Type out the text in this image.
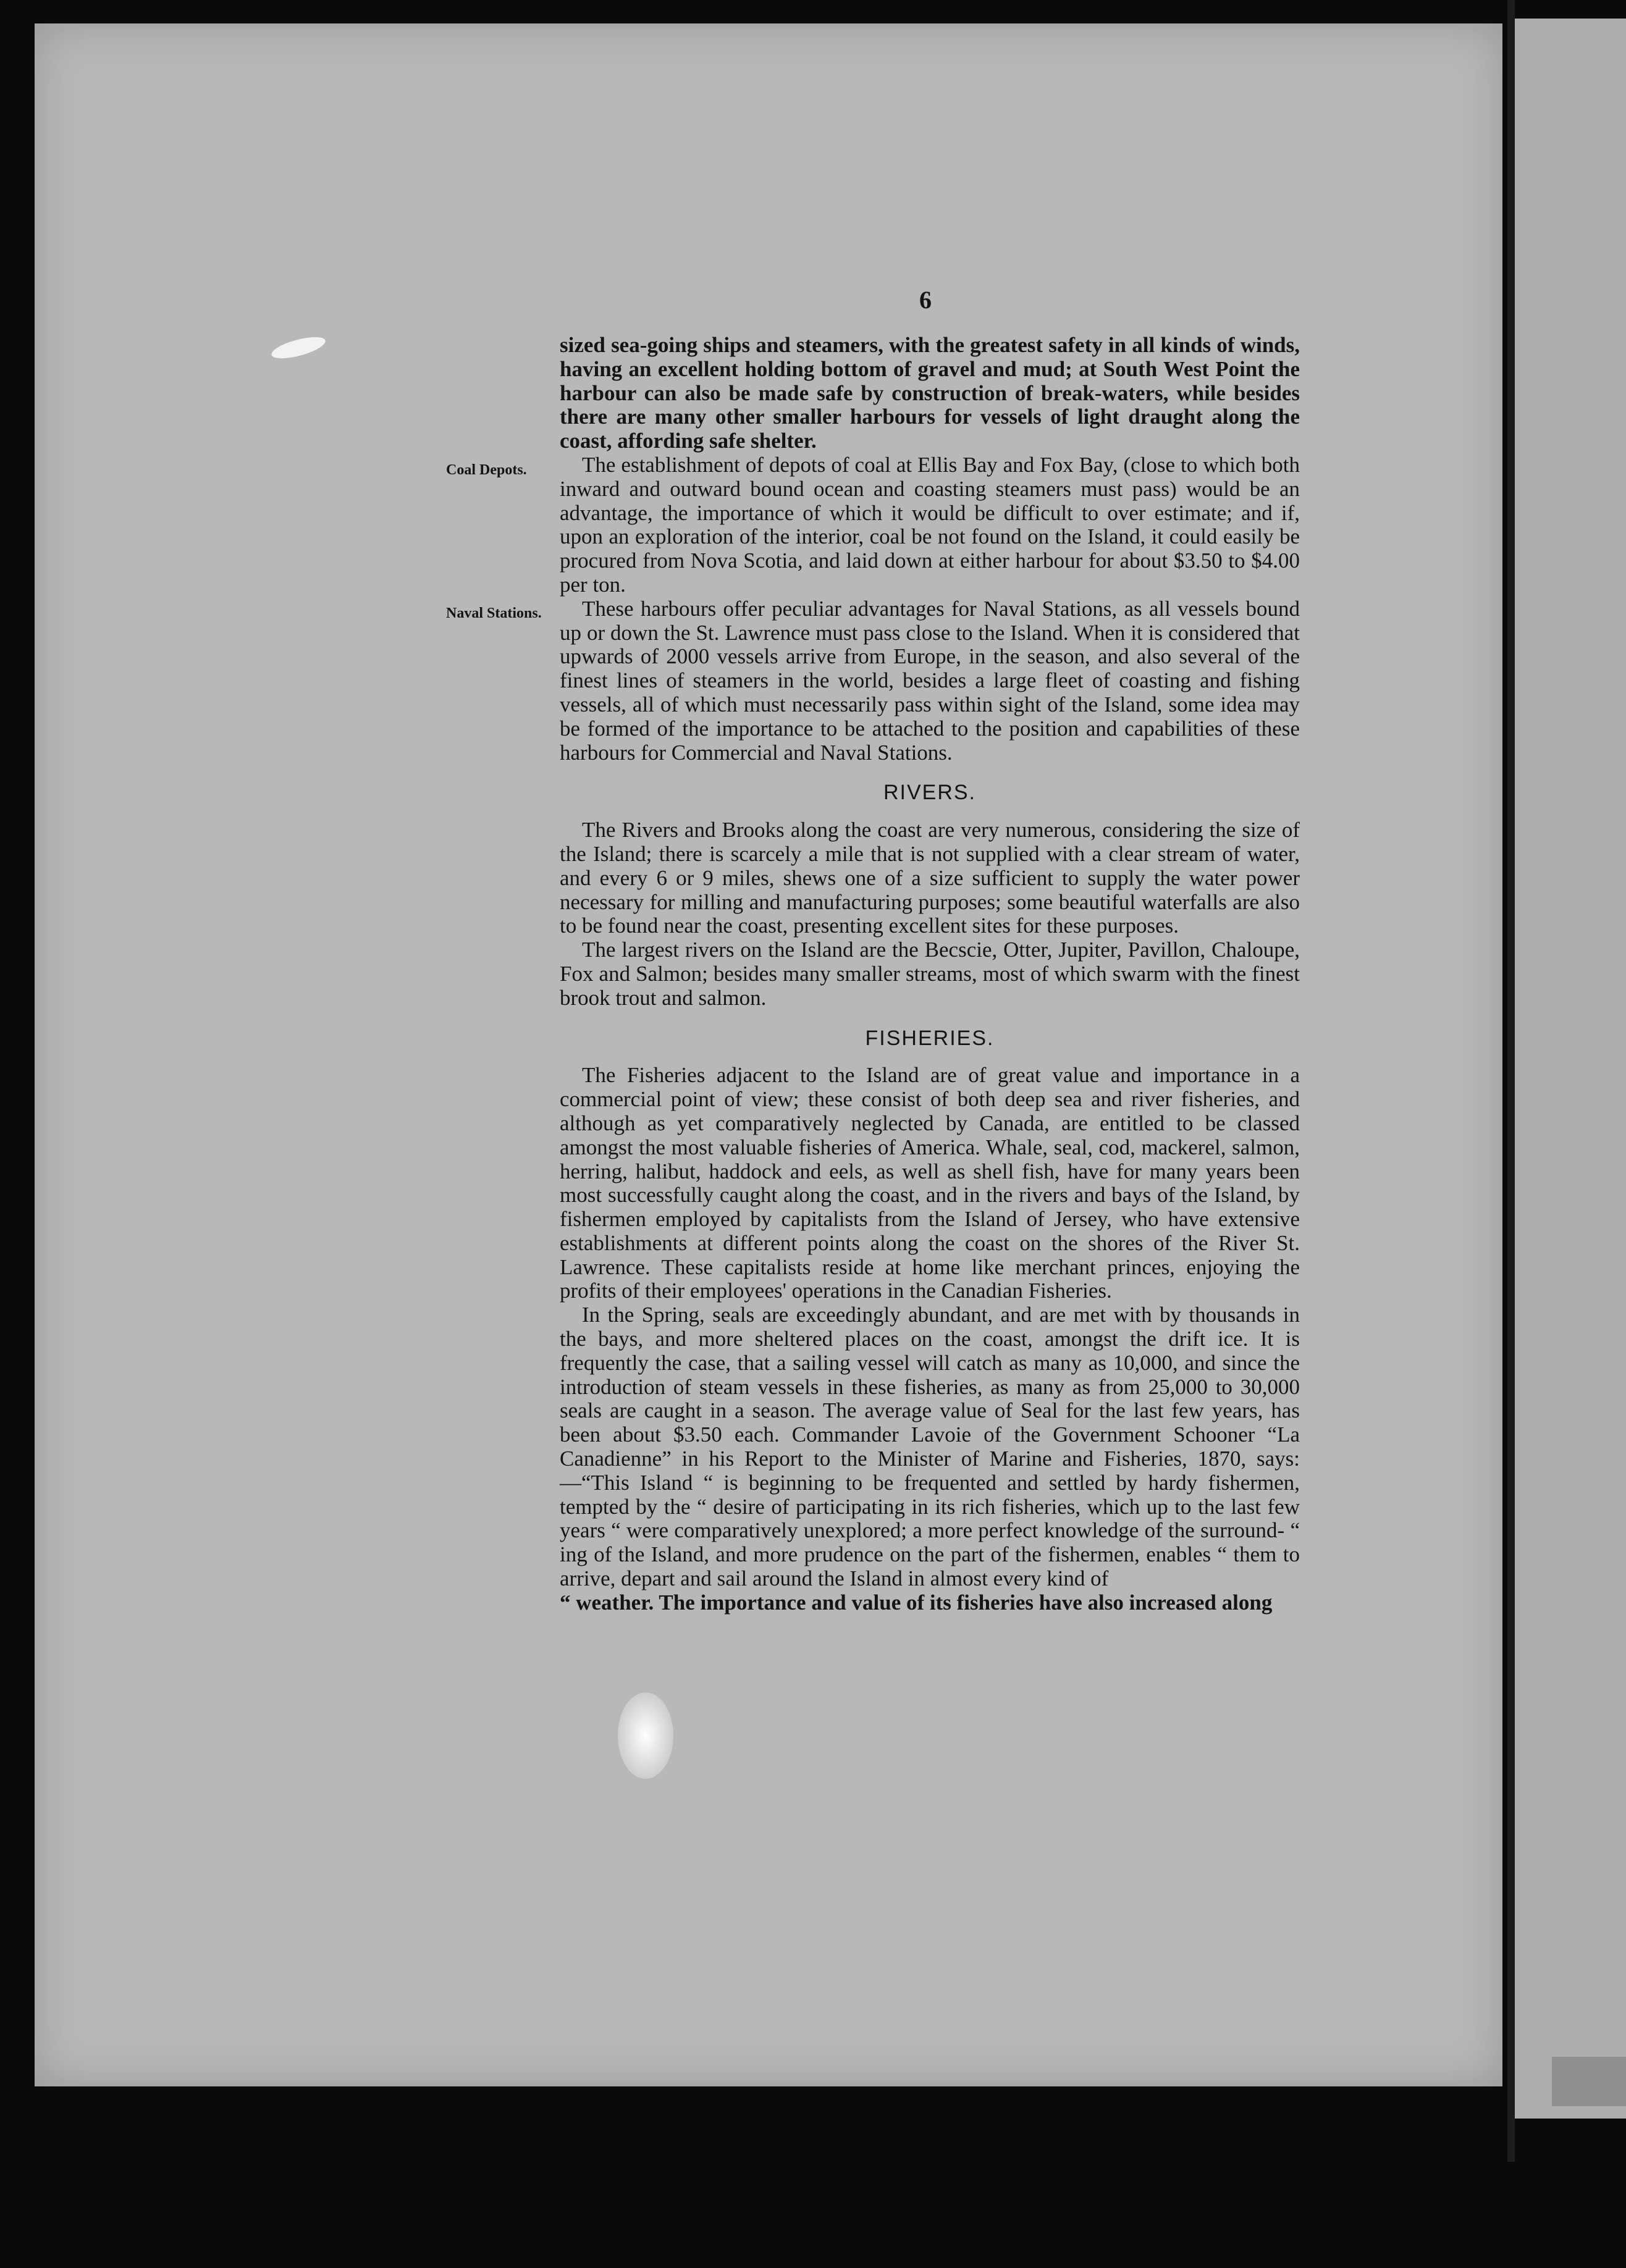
6
Coal Depots.
Naval Stations.

sized sea-going ships and steamers, with the greatest safety in all kinds of winds, having an excellent holding bottom of gravel and mud; at South West Point the harbour can also be made safe by construction of break-waters, while besides there are many other smaller harbours for vessels of light draught along the coast, affording safe shelter.

The establishment of depots of coal at Ellis Bay and Fox Bay, (close to which both inward and outward bound ocean and coasting steamers must pass) would be an advantage, the importance of which it would be difficult to over estimate; and if, upon an exploration of the interior, coal be not found on the Island, it could easily be procured from Nova Scotia, and laid down at either harbour for about $3.50 to $4.00 per ton.

These harbours offer peculiar advantages for Naval Stations, as all vessels bound up or down the St. Lawrence must pass close to the Island. When it is considered that upwards of 2000 vessels arrive from Europe, in the season, and also several of the finest lines of steamers in the world, besides a large fleet of coasting and fishing vessels, all of which must necessarily pass within sight of the Island, some idea may be formed of the importance to be attached to the position and capabilities of these harbours for Commercial and Naval Stations.

RIVERS.

The Rivers and Brooks along the coast are very numerous, considering the size of the Island; there is scarcely a mile that is not supplied with a clear stream of water, and every 6 or 9 miles, shews one of a size sufficient to supply the water power necessary for milling and manufacturing purposes; some beautiful waterfalls are also to be found near the coast, presenting excellent sites for these purposes.

The largest rivers on the Island are the Becscie, Otter, Jupiter, Pavillon, Chaloupe, Fox and Salmon; besides many smaller streams, most of which swarm with the finest brook trout and salmon.

FISHERIES.

The Fisheries adjacent to the Island are of great value and importance in a commercial point of view; these consist of both deep sea and river fisheries, and although as yet comparatively neglected by Canada, are entitled to be classed amongst the most valuable fisheries of America. Whale, seal, cod, mackerel, salmon, herring, halibut, haddock and eels, as well as shell fish, have for many years been most successfully caught along the coast, and in the rivers and bays of the Island, by fishermen employed by capitalists from the Island of Jersey, who have extensive establishments at different points along the coast on the shores of the River St. Lawrence. These capitalists reside at home like merchant princes, enjoying the profits of their employees' operations in the Canadian Fisheries.

In the Spring, seals are exceedingly abundant, and are met with by thousands in the bays, and more sheltered places on the coast, amongst the drift ice. It is frequently the case, that a sailing vessel will catch as many as 10,000, and since the introduction of steam vessels in these fisheries, as many as from 25,000 to 30,000 seals are caught in a season. The average value of Seal for the last few years, has been about $3.50 each. Commander Lavoie of the Government Schooner “La Canadienne” in his Report to the Minister of Marine and Fisheries, 1870, says:—“This Island “ is beginning to be frequented and settled by hardy fishermen, tempted by the “ desire of participating in its rich fisheries, which up to the last few years “ were comparatively unexplored; a more perfect knowledge of the surround- “ ing of the Island, and more prudence on the part of the fishermen, enables “ them to arrive, depart and sail around the Island in almost every kind of

“ weather. The importance and value of its fisheries have also increased along
